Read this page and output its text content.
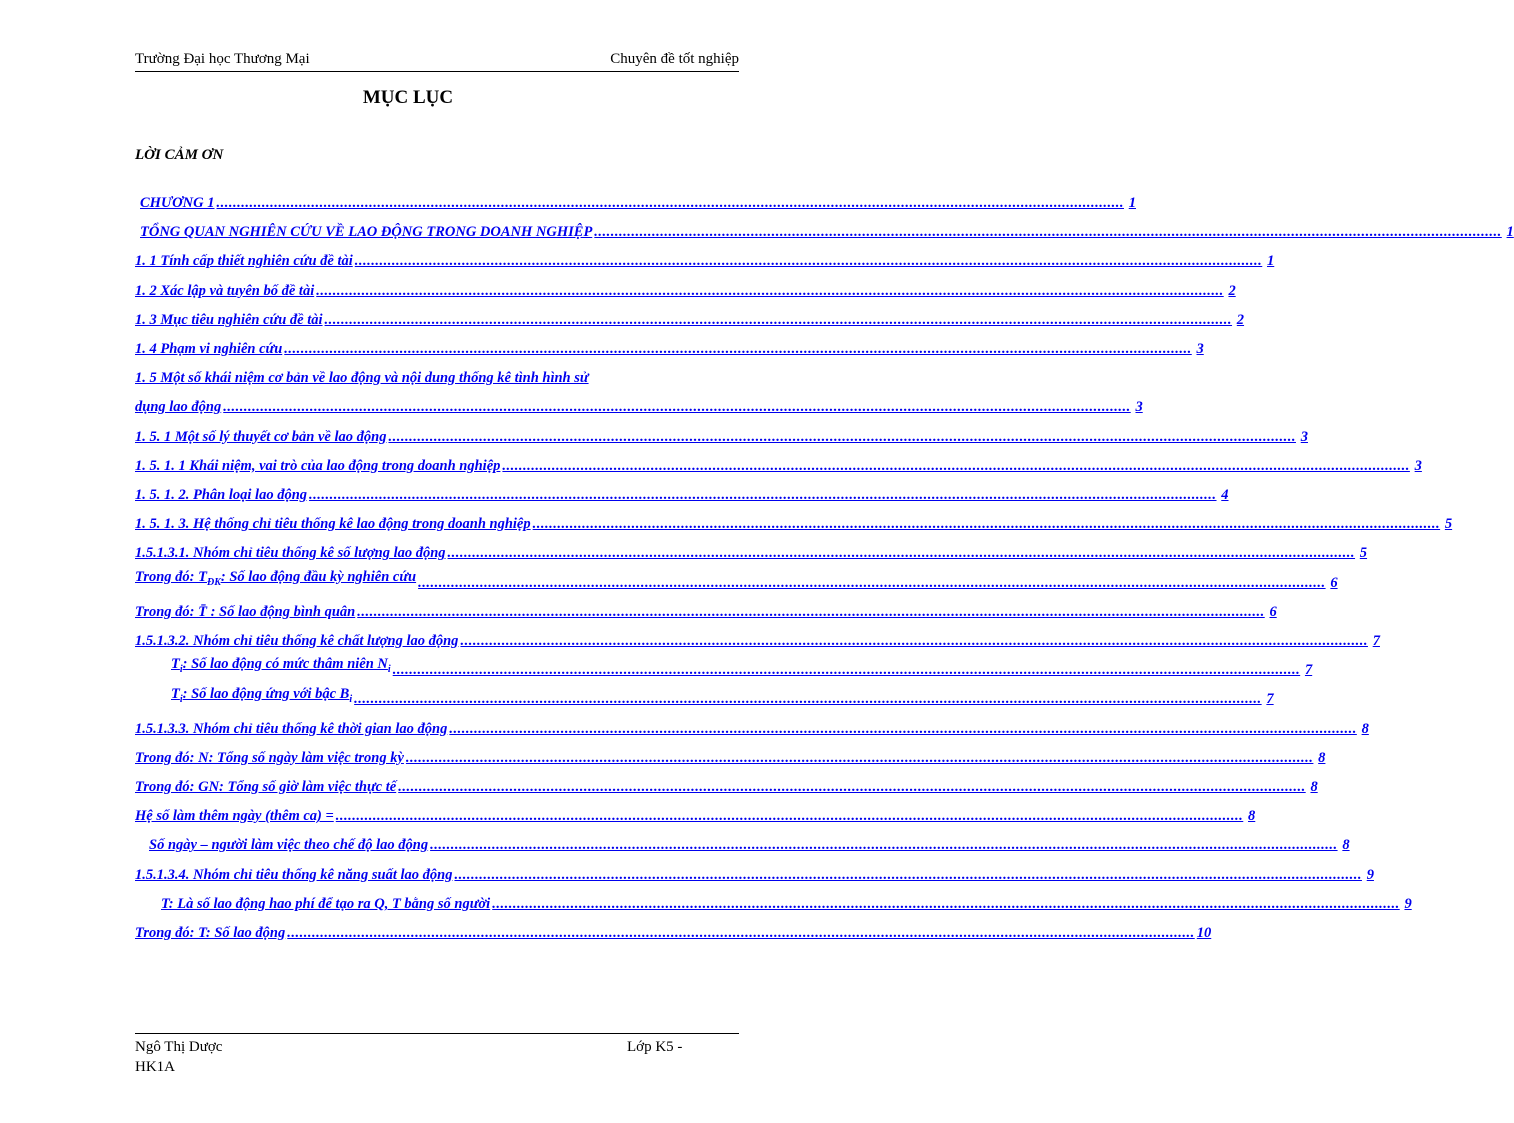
Trường Đại học Thương Mại	Chuyên đề tốt nghiệp
MỤC LỤC
LỜI CẢM ƠN
CHƯƠNG 1 ............................................................................................................................................................................................................................ 1
TỔNG QUAN NGHIÊN CỨU VỀ LAO ĐỘNG TRONG DOANH NGHIỆP ............................................................................................................................................................................................................................ 1
1. 1 Tính cấp thiết nghiên cứu đề tài ............................................................................................................................................................................................................................ 1
1. 2 Xác lập và tuyên bố đề tài ............................................................................................................................................................................................................................ 2
1. 3 Mục tiêu nghiên cứu đề tài ............................................................................................................................................................................................................................ 2
1. 4 Phạm vi nghiên cứu ............................................................................................................................................................................................................................ 3
1. 5 Một số khái niệm cơ bản về lao động và nội dung thống kê tình hình sử
dụng lao động ............................................................................................................................................................................................................................ 3
1. 5. 1 Một số lý thuyết cơ bản về lao động ............................................................................................................................................................................................................................ 3
1. 5. 1. 1 Khái niệm, vai trò của lao động trong doanh nghiệp ............................................................................................................................................................................................................................ 3
1. 5. 1. 2. Phân loại lao động ............................................................................................................................................................................................................................ 4
1. 5. 1. 3. Hệ thống chỉ tiêu thống kê lao động trong doanh nghiệp ............................................................................................................................................................................................................................ 5
1.5.1.3.1. Nhóm chỉ tiêu thống kê số lượng lao động ............................................................................................................................................................................................................................ 5
Trong đó: $T_{ĐK}$: Số lao động đầu kỳ nghiên cứu ............................................................................................................................................................................................................................ 6
Trong đó: T̄ : Số lao động bình quân ............................................................................................................................................................................................................................ 6
1.5.1.3.2. Nhóm chỉ tiêu thống kê chất lượng lao động ............................................................................................................................................................................................................................ 7
$T_i$: Số lao động có mức thâm niên $N_i$ ............................................................................................................................................................................................................................ 7
$T_i$: Số lao động ứng với bậc $B_i$ ............................................................................................................................................................................................................................ 7
1.5.1.3.3. Nhóm chỉ tiêu thống kê thời gian lao động ............................................................................................................................................................................................................................ 8
Trong đó: N: Tổng số ngày làm việc trong kỳ ............................................................................................................................................................................................................................ 8
Trong đó: GN: Tổng số giờ làm việc thực tế ............................................................................................................................................................................................................................ 8
Hệ số làm thêm ngày (thêm ca) = ............................................................................................................................................................................................................................ 8
Số ngày – người làm việc theo chế độ lao động ............................................................................................................................................................................................................................ 8
1.5.1.3.4. Nhóm chỉ tiêu thống kê năng suất lao động ............................................................................................................................................................................................................................ 9
T: Là số lao động hao phí để tạo ra Q, T bằng số người ............................................................................................................................................................................................................................ 9
Trong đó: T: Số lao động ............................................................................................................................................................................................................................ 10
Ngô Thị Dược	Lớp K5 -
HK1A
